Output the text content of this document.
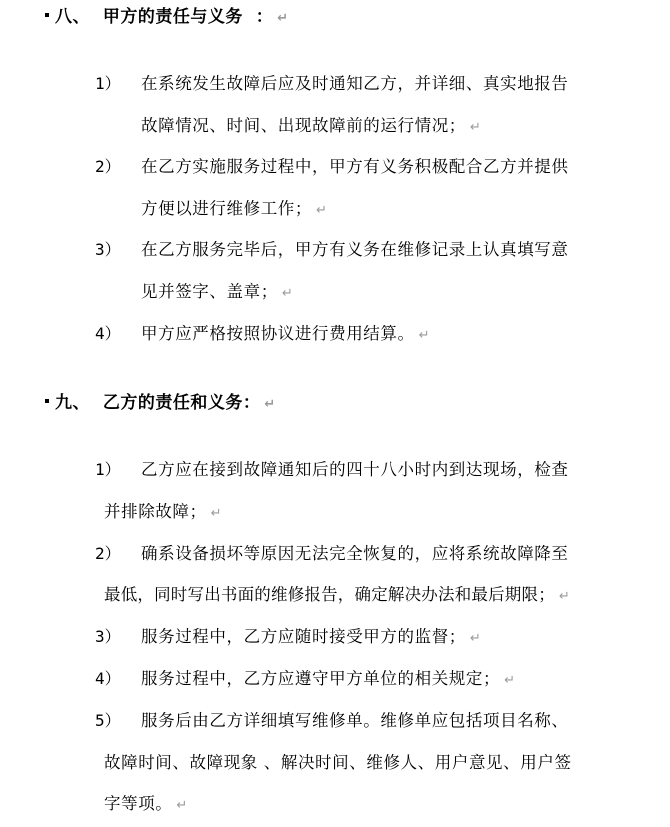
八、 甲方的责任与义务 ： ↵
1） 在系统发生故障后应及时通知乙方，并详细、真实地报告
故障情况、时间、出现故障前的运行情况； ↵
2） 在乙方实施服务过程中，甲方有义务积极配合乙方并提供
方便以进行维修工作； ↵
3） 在乙方服务完毕后，甲方有义务在维修记录上认真填写意
见并签字、盖章； ↵
4） 甲方应严格按照协议进行费用结算。 ↵
九、 乙方的责任和义务： ↵
1） 乙方应在接到故障通知后的四十八小时内到达现场，检查
并排除故障； ↵
2） 确系设备损坏等原因无法完全恢复的，应将系统故障降至
最低，同时写出书面的维修报告，确定解决办法和最后期限； ↵
3） 服务过程中，乙方应随时接受甲方的监督； ↵
4） 服务过程中，乙方应遵守甲方单位的相关规定； ↵
5） 服务后由乙方详细填写维修单。维修单应包括项目名称、
故障时间、故障现象 、解决时间、维修人、用户意见、用户签
字等项。 ↵
